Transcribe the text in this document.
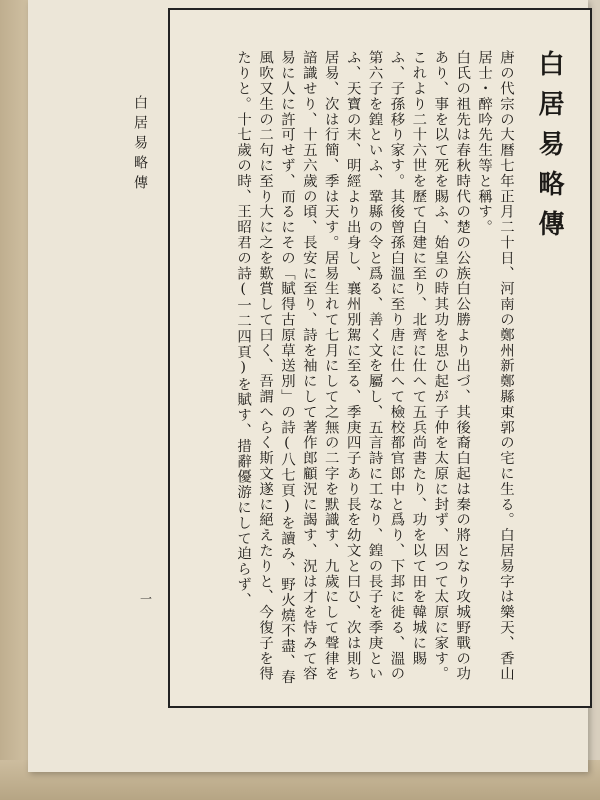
白居易略傳
一
白居易略傳

唐の代宗の大暦七年正月二十日、河南の鄭州新鄭縣東郭の宅に生る。白居易字は樂天、香山居士・醉吟先生等と稱す。

白氏の祖先は春秋時代の楚の公族白公勝より出づ、其後裔白起は秦の將となり攻城野戰の功あり、事を以て死を賜ふ、始皇の時其功を思ひ起が子仲を太原に封ず、因つて太原に家す。これより二十六世を歷て白建に至り、北齊に仕へて五兵尚書たり、功を以て田を韓城に賜ふ、子孫移り家す。其後曾孫白溫に至り唐に仕へて檢校都官郎中と爲り、下邽に徙る、溫の第六子を鍠といふ、鞏縣の令と爲る、善く文を屬し、五言詩に工なり、鍠の長子を季庚といふ、天寶の末、明經より出身し、襄州別駕に至る、季庚四子あり長を幼文と曰ひ、次は則ち居易、次は行簡、季は天す。居易生れて七月にして之無の二字を默識す、九歲にして聲律を諳識せり、十五六歲の頃、長安に至り、詩を袖にして著作郎顧況に謁す、況は才を恃みて容易に人に許可せず、而るにその「賦得古原草送別」の詩(八七頁)を讀み、野火燒不盡、春風吹又生の二句に至り大に之を歎賞して曰く、吾謂へらく斯文遂に絕えたりと、今復子を得たりと。十七歲の時、王昭君の詩(一二四頁)を賦す、措辭優游にして迫らず、
